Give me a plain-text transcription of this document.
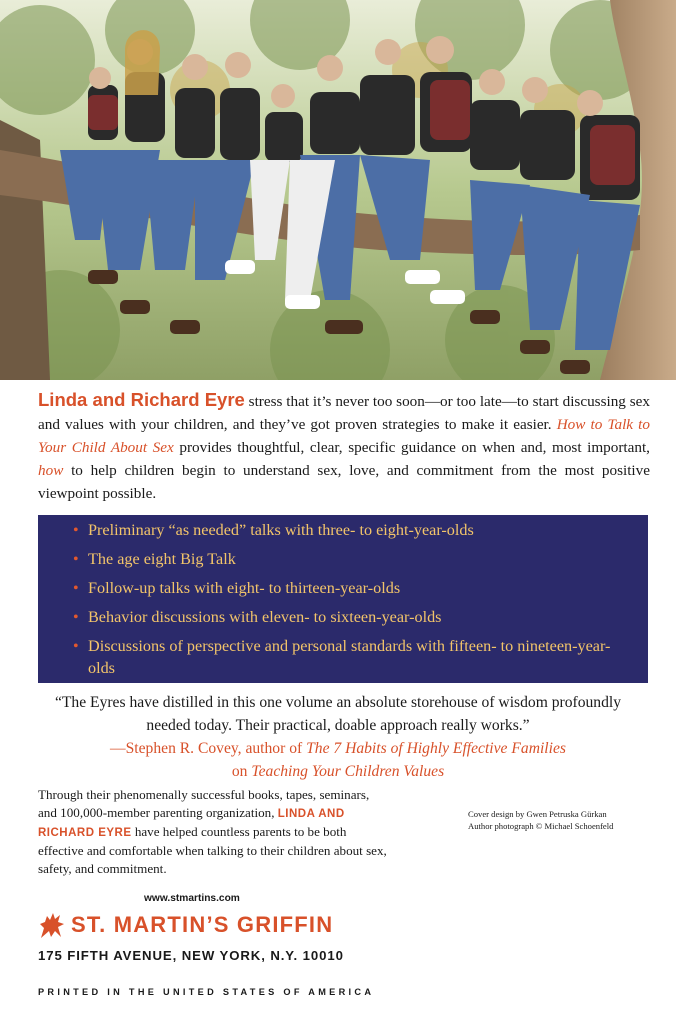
Linda and Richard Eyre stress that it’s never too soon—or too late—to start discussing sex and values with your children, and they’ve got proven strategies to make it easier. How to Talk to Your Child About Sex provides thoughtful, clear, specific guidance on when and, most important, how to help children begin to understand sex, love, and commitment from the most positive viewpoint possible.
• Preliminary “as needed” talks with three- to eight-year-olds
• The age eight Big Talk
• Follow-up talks with eight- to thirteen-year-olds
• Behavior discussions with eleven- to sixteen-year-olds
• Discussions of perspective and personal standards with fifteen- to nineteen-year-olds
“The Eyres have distilled in this one volume an absolute storehouse of wisdom profoundly needed today. Their practical, doable approach really works.”
—Stephen R. Covey, author of The 7 Habits of Highly Effective Families
on Teaching Your Children Values
Through their phenomenally successful books, tapes, seminars, and 100,000-member parenting organization, LINDA AND RICHARD EYRE have helped countless parents to be both effective and comfortable when talking to their children about sex, safety, and commitment.
Cover design by Gwen Petruska Gürkan
Author photograph © Michael Schoenfeld
www.stmartins.com
ST. MARTIN’S GRIFFIN
175 FIFTH AVENUE, NEW YORK, N.Y. 10010
PRINTED IN THE UNITED STATES OF AMERICA
